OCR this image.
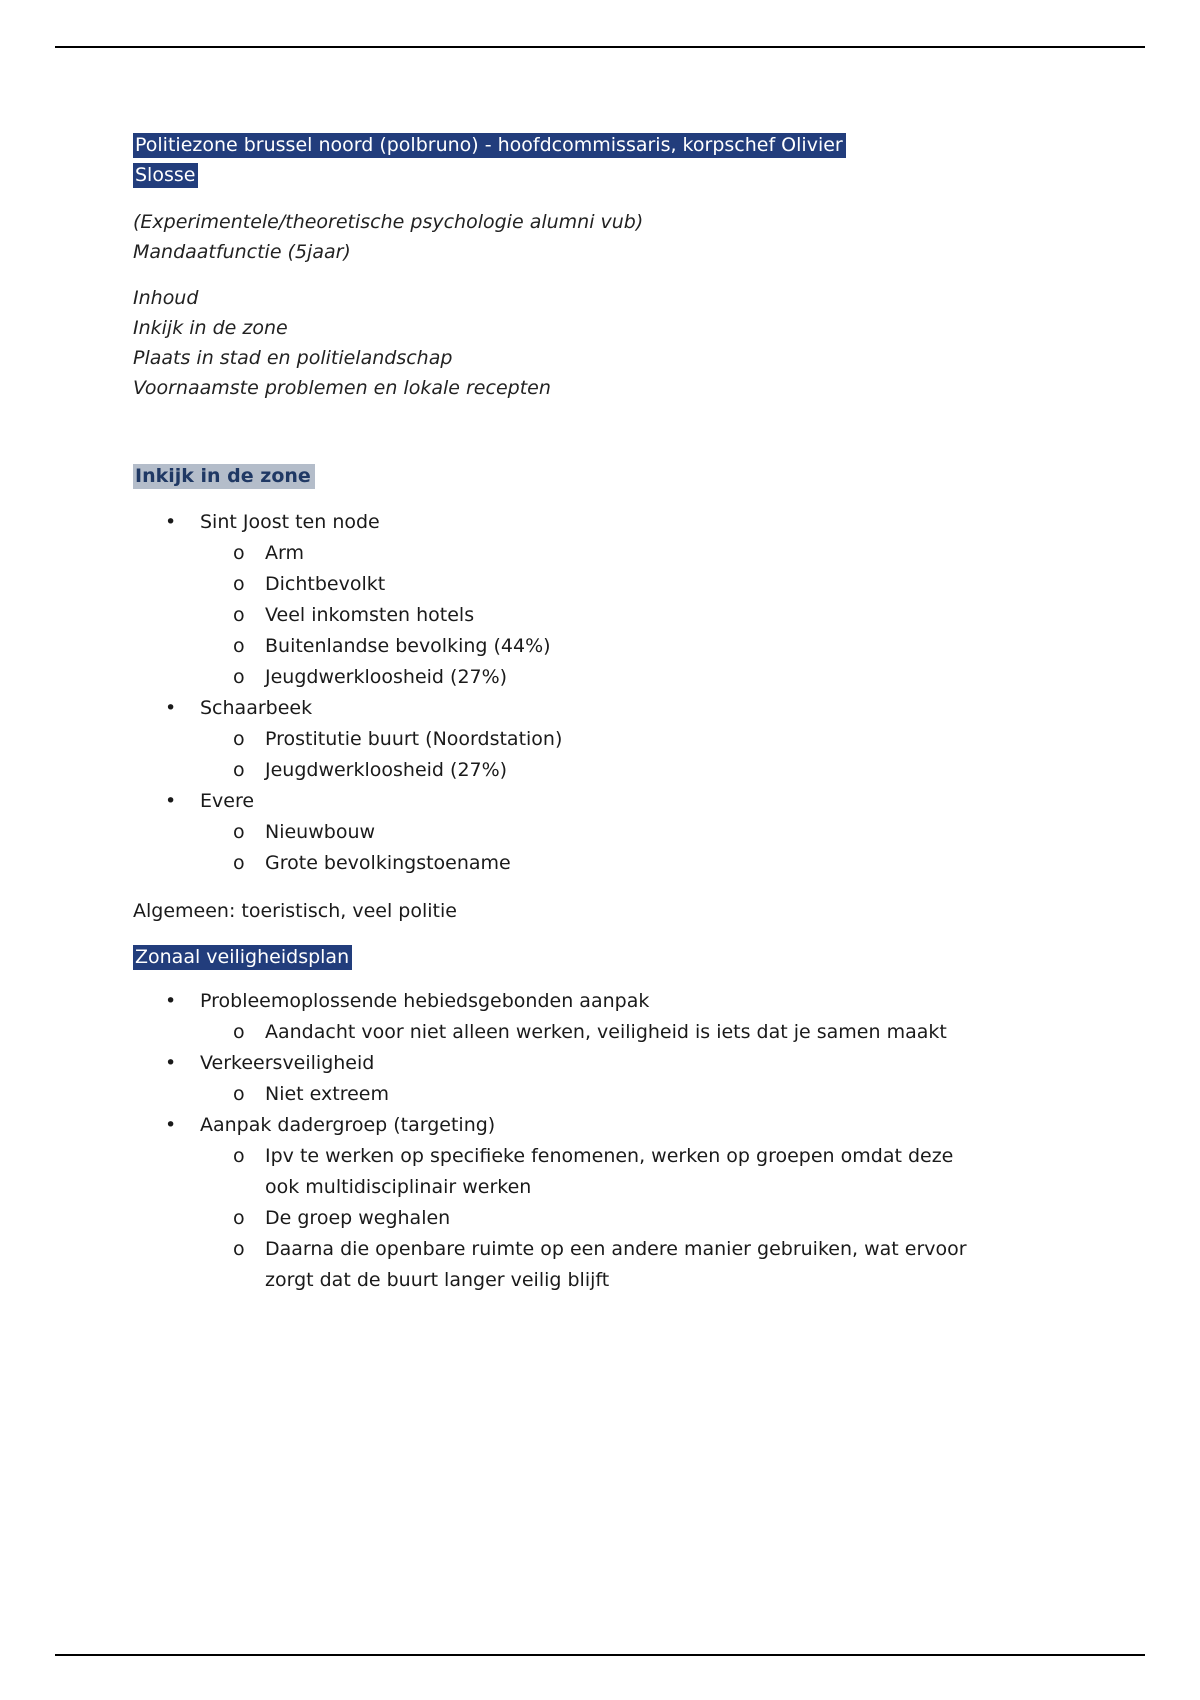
Politiezone brussel noord (polbruno) - hoofdcommissaris, korpschef Olivier
Slosse

(Experimentele/theoretische psychologie alumni vub)
Mandaatfunctie (5jaar)
Inhoud
Inkijk in de zone
Plaats in stad en politielandschap
Voornaamste problemen en lokale recepten

Inkijk in de zone

•	Sint Joost ten node
o	Arm
o	Dichtbevolkt
o	Veel inkomsten hotels
o	Buitenlandse bevolking (44%)
o	Jeugdwerkloosheid (27%)
•	Schaarbeek
o	Prostitutie buurt (Noordstation)
o	Jeugdwerkloosheid (27%)
•	Evere
o	Nieuwbouw
o	Grote bevolkingstoename

Algemeen: toeristisch, veel politie

Zonaal veiligheidsplan

•	Probleemoplossende hebiedsgebonden aanpak
o	Aandacht voor niet alleen werken, veiligheid is iets dat je samen maakt
•	Verkeersveiligheid
o	Niet extreem
•	Aanpak dadergroep (targeting)
o	Ipv te werken op specifieke fenomenen, werken op groepen omdat deze ook multidisciplinair werken
o	De groep weghalen
o	Daarna die openbare ruimte op een andere manier gebruiken, wat ervoor zorgt dat de buurt langer veilig blijft
